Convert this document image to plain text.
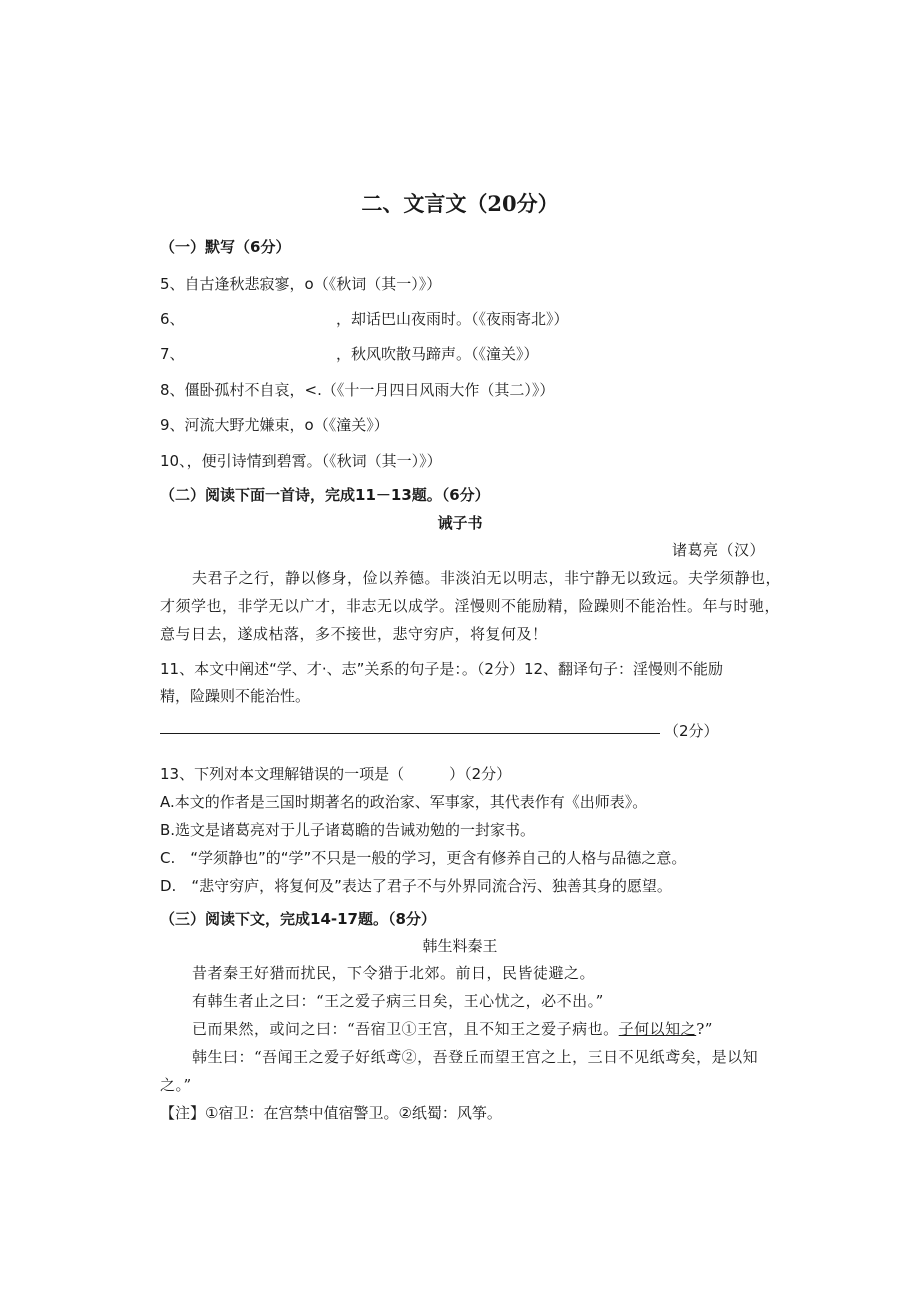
二、文言文（20分）
（一）默写（6分）
5、自古逢秋悲寂寥，o（《秋词（其一）》）
6、	，却话巴山夜雨时。（《夜雨寄北》）
7、	，秋风吹散马蹄声。（《潼关》）
8、僵卧孤村不自哀，<.（《十一月四日风雨大作（其二）》）
9、河流大野尤嫌束，o（《潼关》）
10、，便引诗情到碧霄。（《秋词（其一）》）
（二）阅读下面一首诗，完成11－13题。（6分）
诫子书
诸葛亮（汉）
夫君子之行，静以修身，俭以养德。非淡泊无以明志，非宁静无以致远。夫学须静也，
才须学也，非学无以广才，非志无以成学。淫慢则不能励精，险躁则不能治性。年与时驰，
意与日去，遂成枯落，多不接世，悲守穷庐，将复何及！
11、本文中阐述“学、才·、志”关系的句子是：。（2分）12、翻译句子：淫慢则不能励
精，险躁则不能治性。
（2分）
13、下列对本文理解错误的一项是（　　　）（2分）
A.本文的作者是三国时期著名的政治家、军事家，其代表作有《出师表》。
B.选文是诸葛亮对于儿子诸葛瞻的告诫劝勉的一封家书。
C.　“学须静也”的“学”不只是一般的学习，更含有修养自己的人格与品德之意。
D.　“悲守穷庐，将复何及”表达了君子不与外界同流合污、独善其身的愿望。
（三）阅读下文，完成14-17题。（8分）
韩生料秦王
昔者秦王好猎而扰民，下令猎于北郊。前日，民皆徒避之。
有韩生者止之曰：“王之爱子病三日矣，王心忧之，必不出。”
已而果然，或问之曰：“吾宿卫①王宫，且不知王之爱子病也。子何以知之?”
韩生曰：“吾闻王之爱子好纸鸢②，吾登丘而望王宫之上，三日不见纸鸢矣，是以知
之。”
【注】①宿卫：在宫禁中值宿警卫。②纸蜀：风筝。
